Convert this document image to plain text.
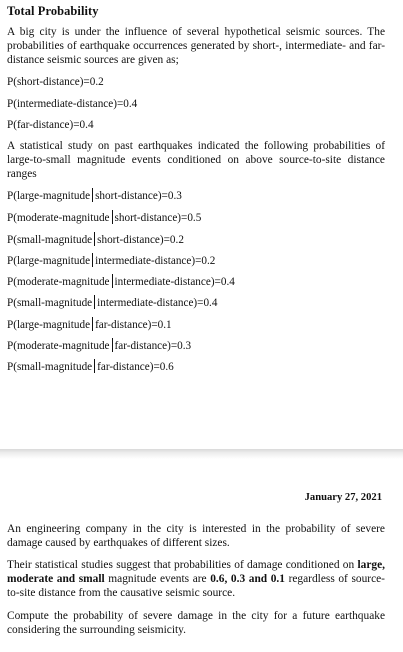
Total Probability
A big city is under the influence of several hypothetical seismic sources. The probabilities of earthquake occurrences generated by short-, intermediate- and far-distance seismic sources are given as;
P(short-distance)=0.2
P(intermediate-distance)=0.4
P(far-distance)=0.4
A statistical study on past earthquakes indicated the following probabilities of large-to-small magnitude events conditioned on above source-to-site distance ranges
P(large-magnitude short-distance)=0.3
P(moderate-magnitude short-distance)=0.5
P(small-magnitude short-distance)=0.2
P(large-magnitude intermediate-distance)=0.2
P(moderate-magnitude intermediate-distance)=0.4
P(small-magnitude intermediate-distance)=0.4
P(large-magnitude far-distance)=0.1
P(moderate-magnitude far-distance)=0.3
P(small-magnitude far-distance)=0.6
January 27, 2021
An engineering company in the city is interested in the probability of severe damage caused by earthquakes of different sizes.
Their statistical studies suggest that probabilities of damage conditioned on large, moderate and small magnitude events are 0.6, 0.3 and 0.1 regardless of source-to-site distance from the causative seismic source.
Compute the probability of severe damage in the city for a future earthquake considering the surrounding seismicity.
